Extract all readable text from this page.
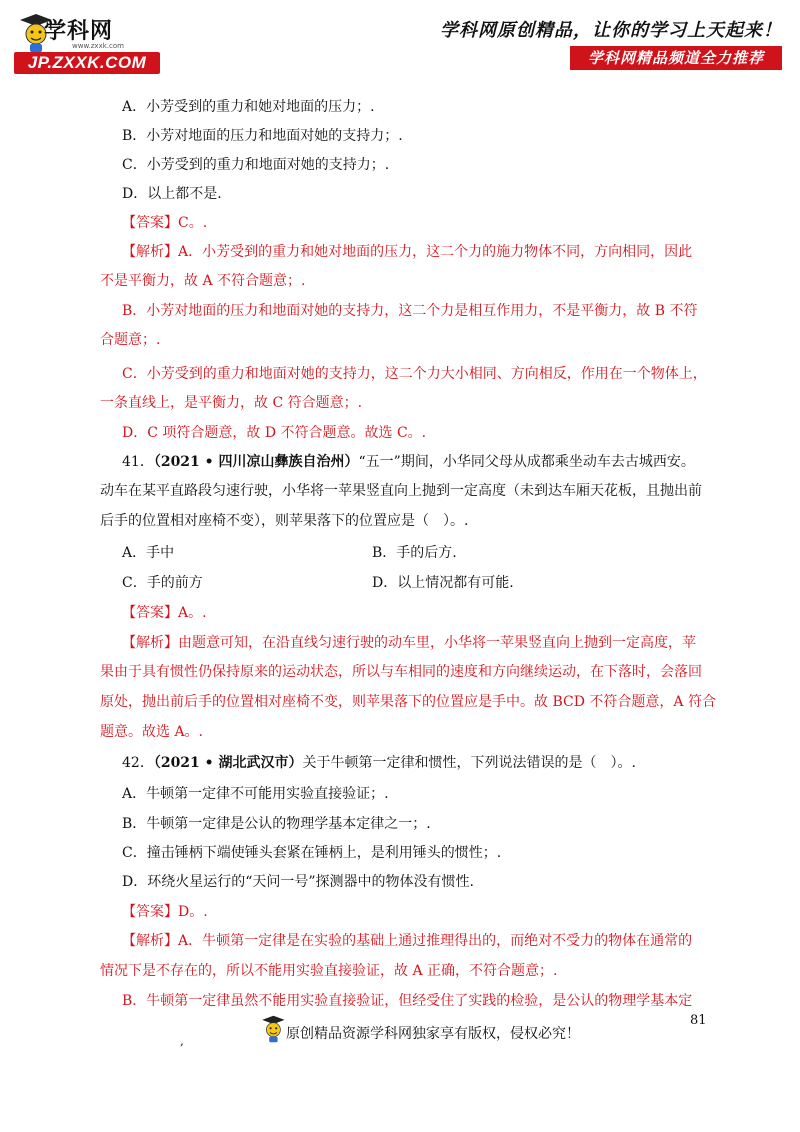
学科网
www.zxxk.com
JP.ZXXK.COM
学科网原创精品，让你的学习上天起来！
学科网精品频道全力推荐
A．小芳受到的重力和她对地面的压力；.
B．小芳对地面的压力和地面对她的支持力；.
C．小芳受到的重力和地面对她的支持力；.
D．以上都不是.
【答案】C。.
【解析】A．小芳受到的重力和她对地面的压力，这二个力的施力物体不同，方向相同，因此
不是平衡力，故 A 不符合题意；.
B．小芳对地面的压力和地面对她的支持力，这二个力是相互作用力，不是平衡力，故 B 不符
合题意；.
C．小芳受到的重力和地面对她的支持力，这二个力大小相同、方向相反，作用在一个物体上，
一条直线上，是平衡力，故 C 符合题意；.
D．C 项符合题意，故 D 不符合题意。故选 C。.
41．（2021 • 四川凉山彝族自治州）“五一”期间，小华同父母从成都乘坐动车去古城西安。
动车在某平直路段匀速行驶，小华将一苹果竖直向上抛到一定高度（未到达车厢天花板，且抛出前
后手的位置相对座椅不变），则苹果落下的位置应是（　）。.
A．手中	B．手的后方.
C．手的前方	D．以上情况都有可能.
【答案】A。.
【解析】由题意可知，在沿直线匀速行驶的动车里，小华将一苹果竖直向上抛到一定高度，苹
果由于具有惯性仍保持原来的运动状态，所以与车相同的速度和方向继续运动，在下落时，会落回
原处，抛出前后手的位置相对座椅不变，则苹果落下的位置应是手中。故 BCD 不符合题意，A 符合
题意。故选 A。.
42．（2021 • 湖北武汉市）关于牛顿第一定律和惯性，下列说法错误的是（　）。.
A．牛顿第一定律不可能用实验直接验证；.
B．牛顿第一定律是公认的物理学基本定律之一；.
C．撞击锤柄下端使锤头套紧在锤柄上，是利用锤头的惯性；.
D．环绕火星运行的“天问一号”探测器中的物体没有惯性.
【答案】D。.
【解析】A．牛顿第一定律是在实验的基础上通过推理得出的，而绝对不受力的物体在通常的
情况下是不存在的，所以不能用实验直接验证，故 A 正确，不符合题意；.
B．牛顿第一定律虽然不能用实验直接验证，但经受住了实践的检验，是公认的物理学基本定
81
,	原创精品资源学科网独家享有版权，侵权必究！
